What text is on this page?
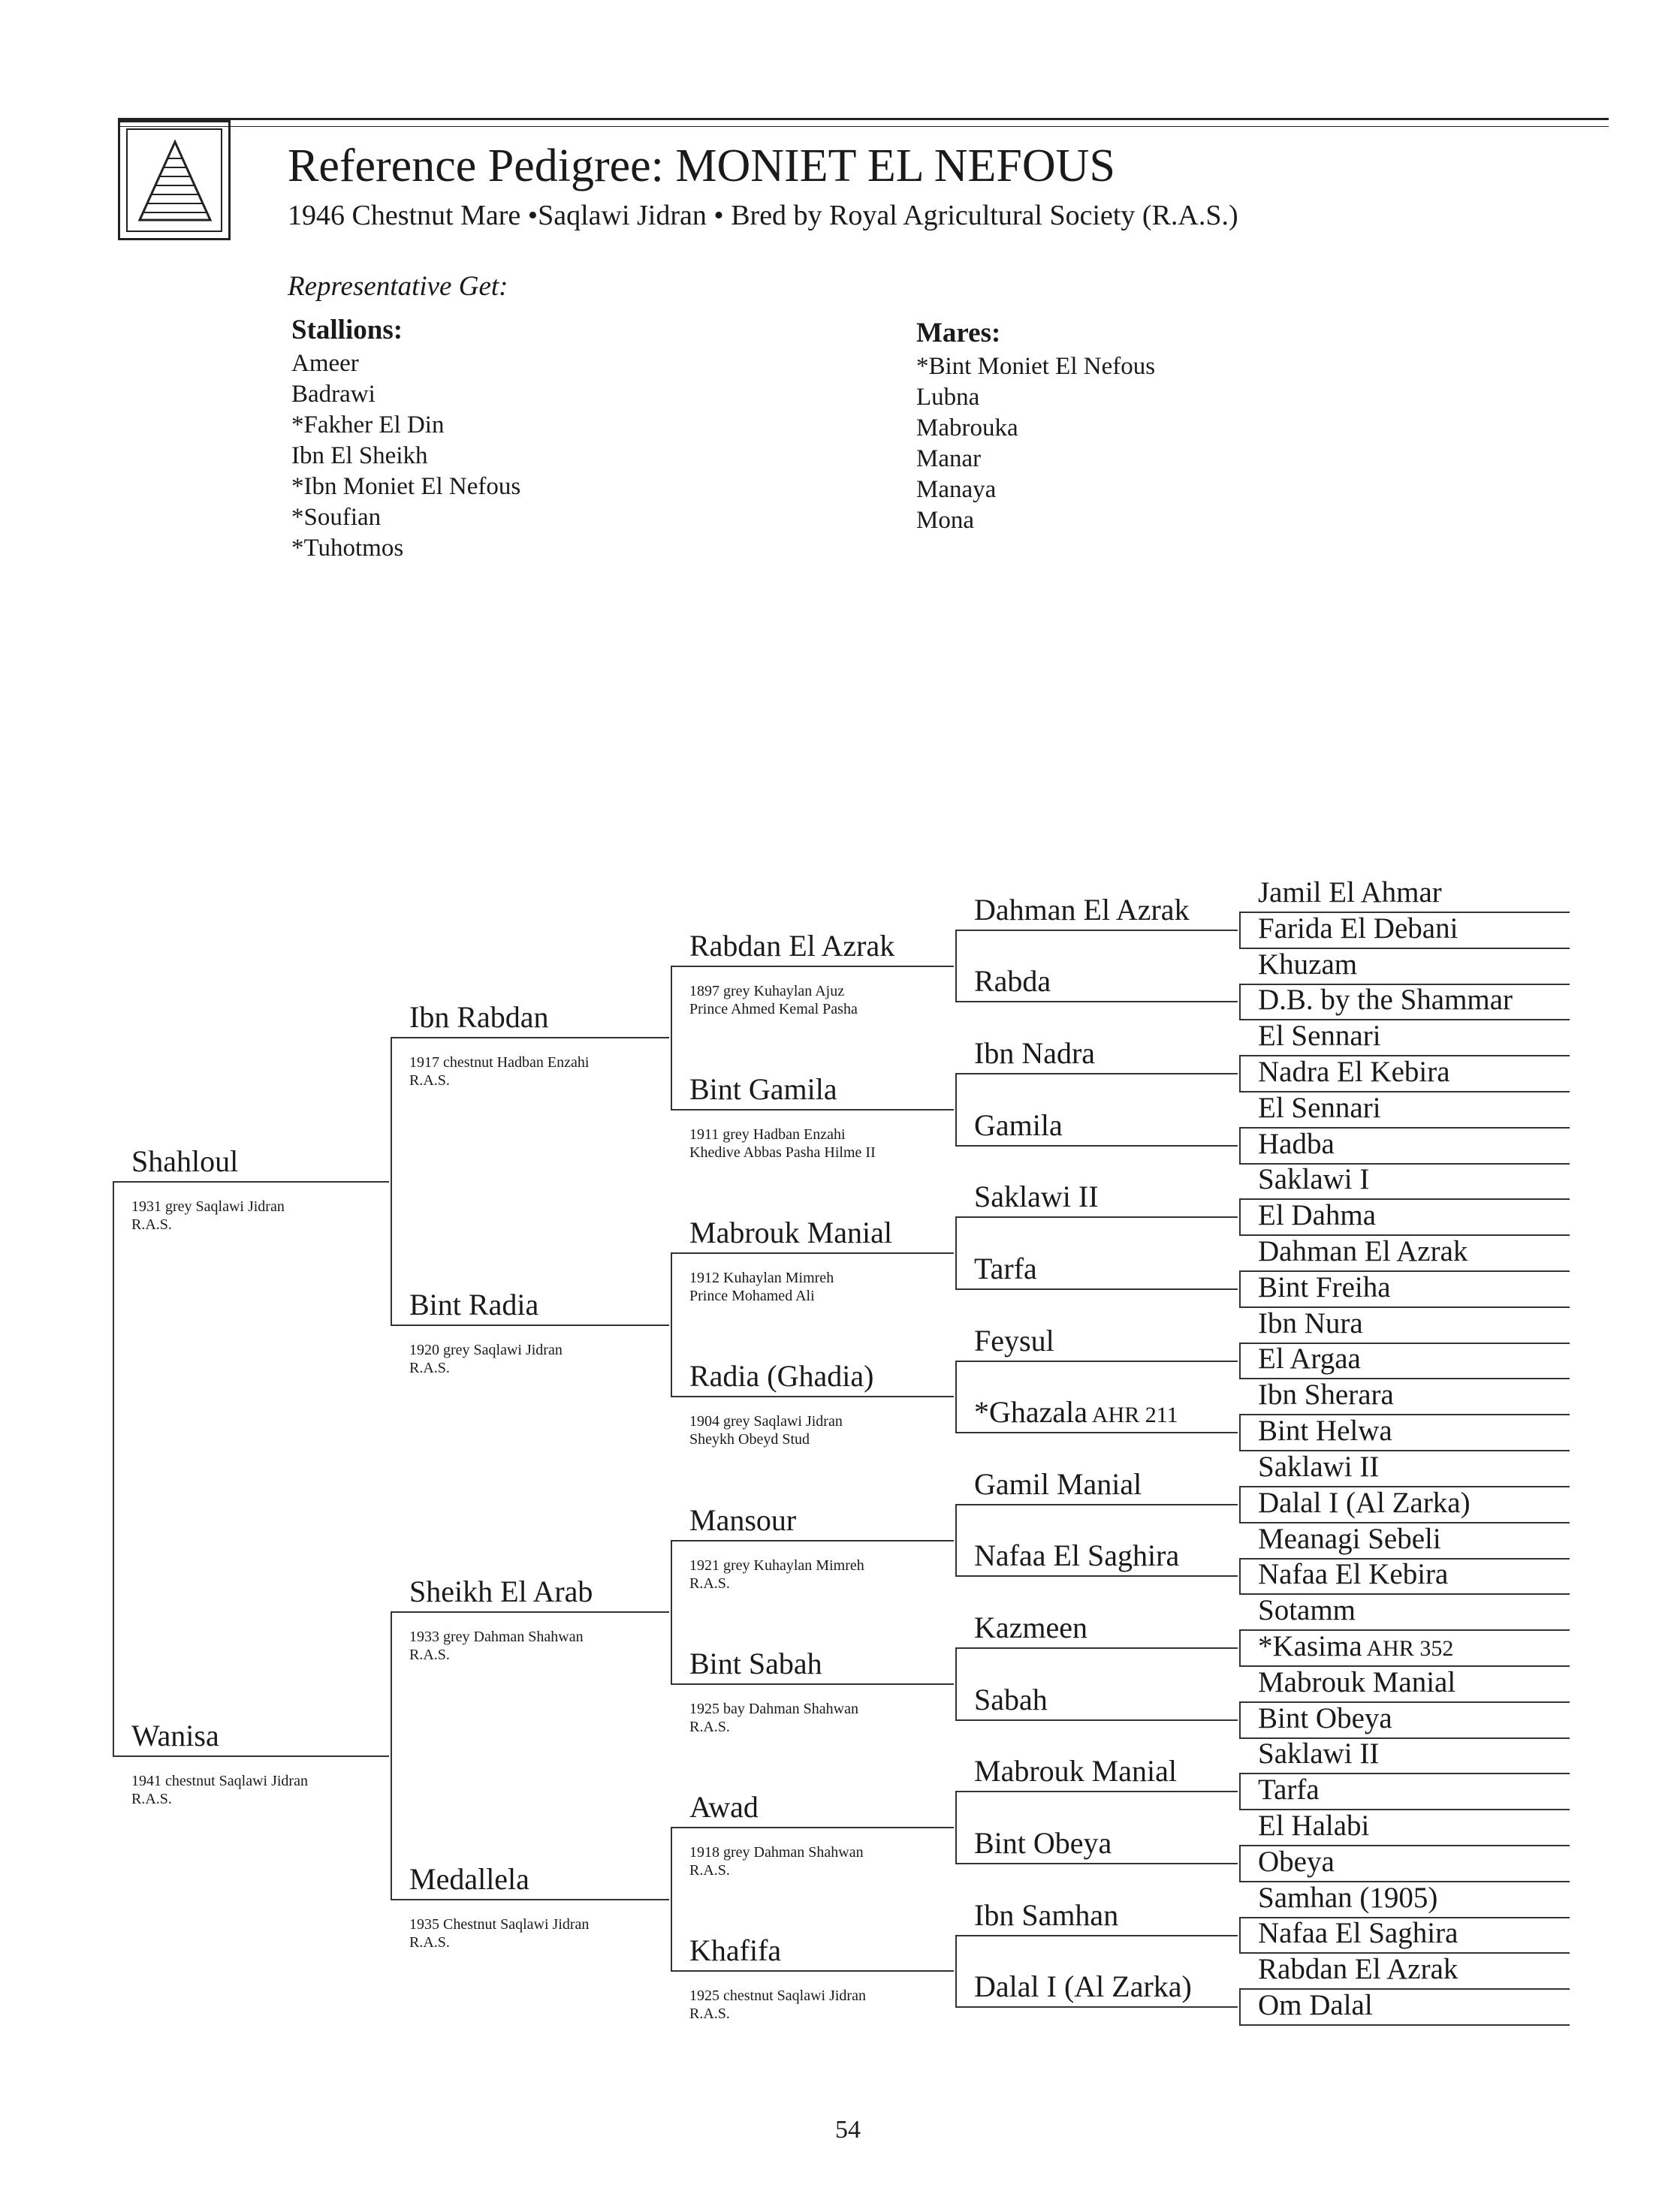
Reference Pedigree: MONIET EL NEFOUS
1946 Chestnut Mare •Saqlawi Jidran • Bred by Royal Agricultural Society (R.A.S.)
Representative Get:
Stallions:
Ameer
Badrawi
*Fakher El Din
Ibn El Sheikh
*Ibn Moniet El Nefous
*Soufian
*Tuhotmos
Mares:
*Bint Moniet El Nefous
Lubna
Mabrouka
Manar
Manaya
Mona
Shahloul
1931 grey Saqlawi Jidran
R.A.S.
Wanisa
1941 chestnut Saqlawi Jidran
R.A.S.
Ibn Rabdan
1917 chestnut Hadban Enzahi
R.A.S.
Bint Radia
1920 grey Saqlawi Jidran
R.A.S.
Sheikh El Arab
1933 grey Dahman Shahwan
R.A.S.
Medallela
1935 Chestnut Saqlawi Jidran
R.A.S.
Rabdan El Azrak
1897 grey Kuhaylan Ajuz
Prince Ahmed Kemal Pasha
Bint Gamila
1911 grey Hadban Enzahi
Khedive Abbas Pasha Hilme II
Mabrouk Manial
1912 Kuhaylan Mimreh
Prince Mohamed Ali
Radia (Ghadia)
1904 grey Saqlawi Jidran
Sheykh Obeyd Stud
Mansour
1921 grey Kuhaylan Mimreh
R.A.S.
Bint Sabah
1925 bay Dahman Shahwan
R.A.S.
Awad
1918 grey Dahman Shahwan
R.A.S.
Khafifa
1925 chestnut Saqlawi Jidran
R.A.S.
Dahman El Azrak
Rabda
Ibn Nadra
Gamila
Saklawi II
Tarfa
Feysul
*Ghazala AHR 211
Gamil Manial
Nafaa El Saghira
Kazmeen
Sabah
Mabrouk Manial
Bint Obeya
Ibn Samhan
Dalal I (Al Zarka)
Jamil El Ahmar
Farida El Debani
Khuzam
D.B. by the Shammar
El Sennari
Nadra El Kebira
El Sennari
Hadba
Saklawi I
El Dahma
Dahman El Azrak
Bint Freiha
Ibn Nura
El Argaa
Ibn Sherara
Bint Helwa
Saklawi II
Dalal I (Al Zarka)
Meanagi Sebeli
Nafaa El Kebira
Sotamm
*Kasima AHR 352
Mabrouk Manial
Bint Obeya
Saklawi II
Tarfa
El Halabi
Obeya
Samhan (1905)
Nafaa El Saghira
Rabdan El Azrak
Om Dalal
54
